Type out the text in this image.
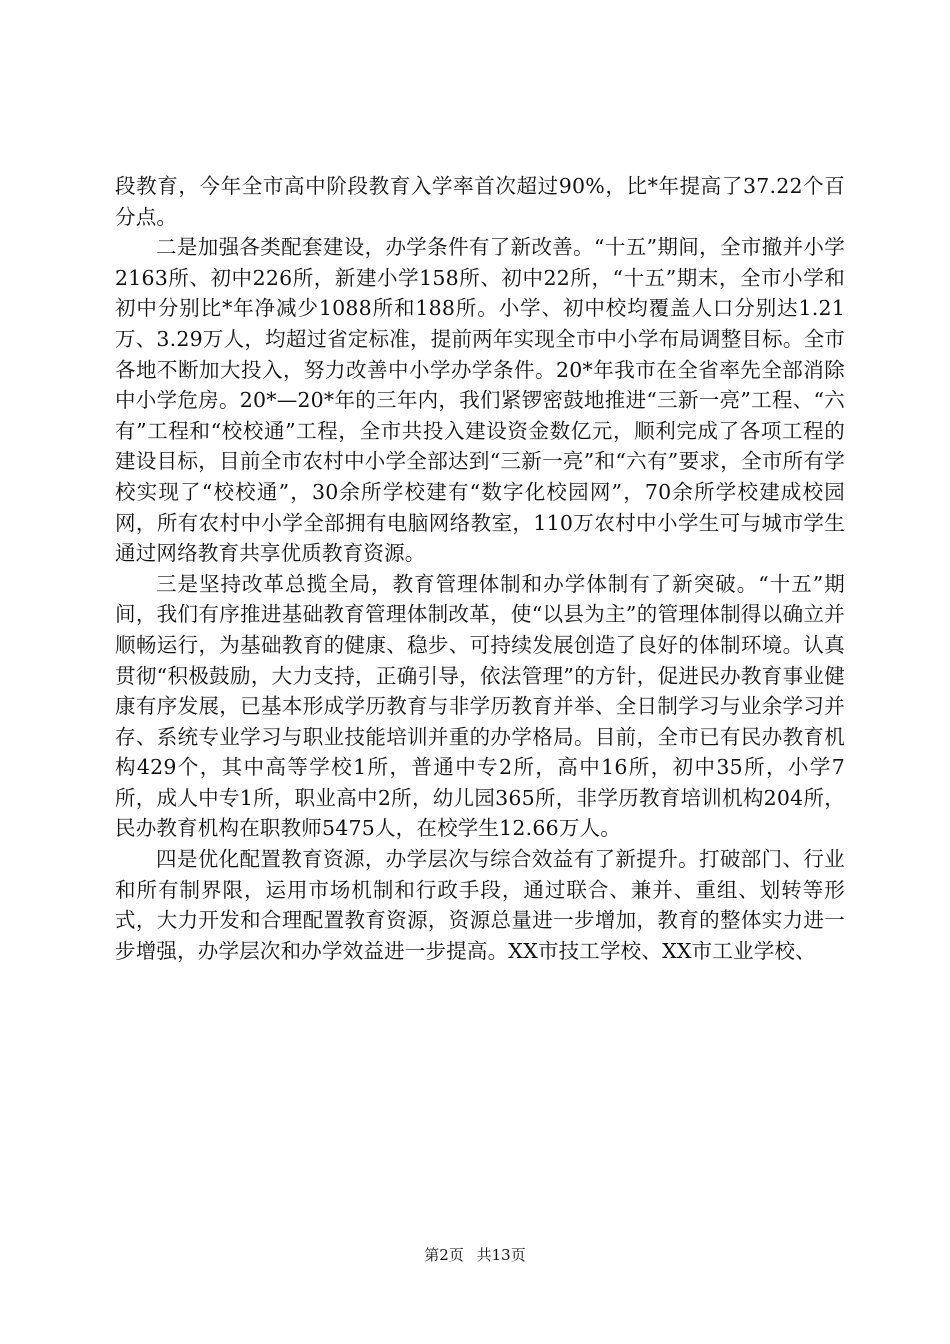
段教育，今年全市高中阶段教育入学率首次超过90%，比*年提高了37.22个百分点。

二是加强各类配套建设，办学条件有了新改善。“十五”期间，全市撤并小学2163所、初中226所，新建小学158所、初中22所，“十五”期末，全市小学和初中分别比*年净减少1088所和188所。小学、初中校均覆盖人口分别达1.21万、3.29万人，均超过省定标准，提前两年实现全市中小学布局调整目标。全市各地不断加大投入，努力改善中小学办学条件。20*年我市在全省率先全部消除中小学危房。20*—20*年的三年内，我们紧锣密鼓地推进“三新一亮”工程、“六有”工程和“校校通”工程，全市共投入建设资金数亿元，顺利完成了各项工程的建设目标，目前全市农村中小学全部达到“三新一亮”和“六有”要求，全市所有学校实现了“校校通”，30余所学校建有“数字化校园网”，70余所学校建成校园网，所有农村中小学全部拥有电脑网络教室，110万农村中小学生可与城市学生通过网络教育共享优质教育资源。

三是坚持改革总揽全局，教育管理体制和办学体制有了新突破。“十五”期间，我们有序推进基础教育管理体制改革，使“以县为主”的管理体制得以确立并顺畅运行，为基础教育的健康、稳步、可持续发展创造了良好的体制环境。认真贯彻“积极鼓励，大力支持，正确引导，依法管理”的方针，促进民办教育事业健康有序发展，已基本形成学历教育与非学历教育并举、全日制学习与业余学习并存、系统专业学习与职业技能培训并重的办学格局。目前，全市已有民办教育机构429个，其中高等学校1所，普通中专2所，高中16所，初中35所，小学7所，成人中专1所，职业高中2所，幼儿园365所，非学历教育培训机构204所，民办教育机构在职教师5475人，在校学生12.66万人。

四是优化配置教育资源，办学层次与综合效益有了新提升。打破部门、行业和所有制界限，运用市场机制和行政手段，通过联合、兼并、重组、划转等形式，大力开发和合理配置教育资源，资源总量进一步增加，教育的整体实力进一步增强，办学层次和办学效益进一步提高。XX市技工学校、XX市工业学校、

第2页 共13页
